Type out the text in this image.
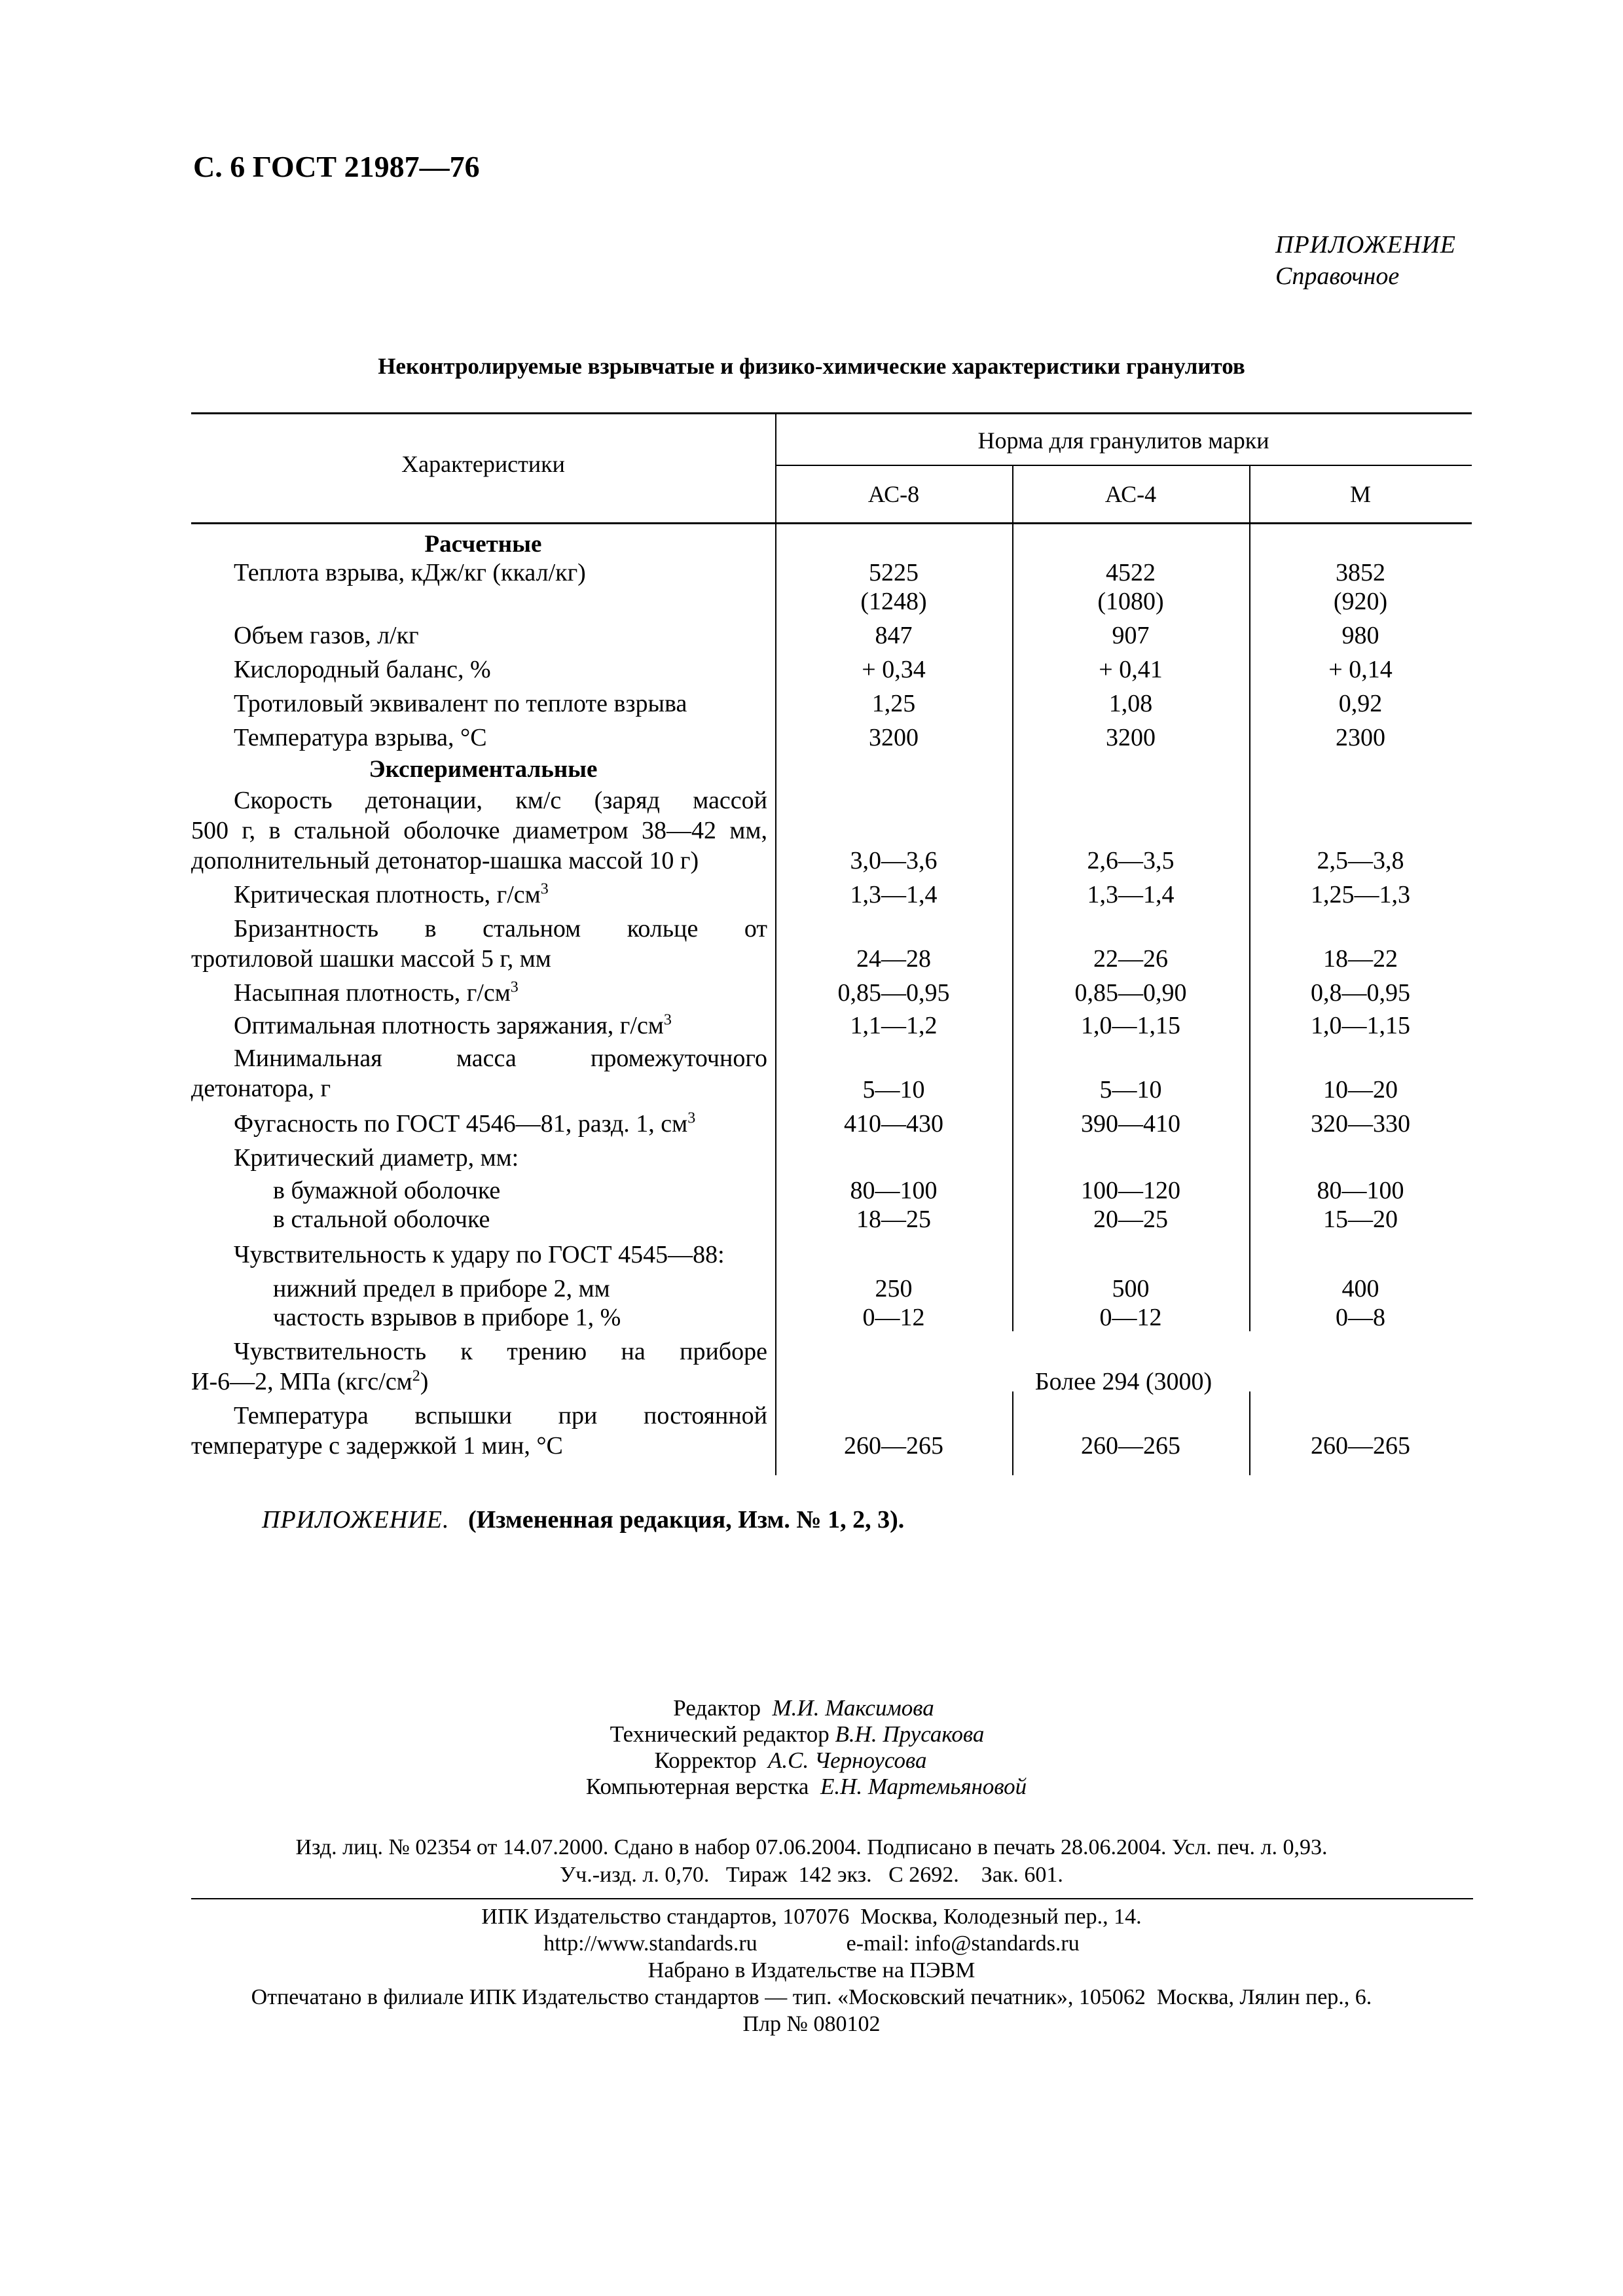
С. 6 ГОСТ 21987—76
ПРИЛОЖЕНИЕ
Справочное
Неконтролируемые взрывчатые и физико-химические характеристики гранулитов
Характеристики
Норма для гранулитов марки
АС-8	АС-4	М
Расчетные
Теплота взрыва, кДж/кг (ккал/кг)	5225	4522	3852
(1248)	(1080)	(920)
Объем газов, л/кг	847	907	980
Кислородный баланс, %	+ 0,34	+ 0,41	+ 0,14
Тротиловый эквивалент по теплоте взрыва	1,25	1,08	0,92
Температура взрыва, °С	3200	3200	2300
Экспериментальные
Скорость детонации, км/с (заряд массой
500 г, в стальной оболочке диаметром 38—42 мм,
дополнительный детонатор-шашка массой 10 г)	3,0—3,6	2,6—3,5	2,5—3,8
Критическая плотность, $г/см^3$	1,3—1,4	1,3—1,4	1,25—1,3
Бризантность в стальном кольце от
тротиловой шашки массой 5 г, мм	24—28	22—26	18—22
Насыпная плотность, $г/см^3$	0,85—0,95	0,85—0,90	0,8—0,95
Оптимальная плотность заряжания, $г/см^3$	1,1—1,2	1,0—1,15	1,0—1,15
Минимальная масса промежуточного
детонатора, г	5—10	5—10	10—20
Фугасность по ГОСТ 4546—81, разд. 1, $см^3$	410—430	390—410	320—330
Критический диаметр, мм:
в бумажной оболочке	80—100	100—120	80—100
в стальной оболочке	18—25	20—25	15—20
Чувствительность к удару по ГОСТ 4545—88:
нижний предел в приборе 2, мм	250	500	400
частость взрывов в приборе 1, %	0—12	0—12	0—8
Чувствительность к трению на приборе
И-6—2, МПа $(кгс/см^2)$	Более 294 (3000)
Температура вспышки при постоянной
температуре с задержкой 1 мин, °С	260—265	260—265	260—265
ПРИЛОЖЕНИЕ. (Измененная редакция, Изм. № 1, 2, 3).
Редактор М.И. Максимова
Технический редактор В.Н. Прусакова
Корректор А.С. Черноусова
Компьютерная верстка Е.Н. Мартемьяновой
Изд. лиц. № 02354 от 14.07.2000. Сдано в набор 07.06.2004. Подписано в печать 28.06.2004. Усл. печ. л. 0,93.
Уч.-изд. л. 0,70.   Тираж  142 экз.   С 2692.    Зак. 601.
ИПК Издательство стандартов, 107076  Москва, Колодезный пер., 14.
http://www.standards.ru                e-mail: info@standards.ru
Набрано в Издательстве на ПЭВМ
Отпечатано в филиале ИПК Издательство стандартов — тип. «Московский печатник», 105062  Москва, Лялин пер., 6.
Плр № 080102
